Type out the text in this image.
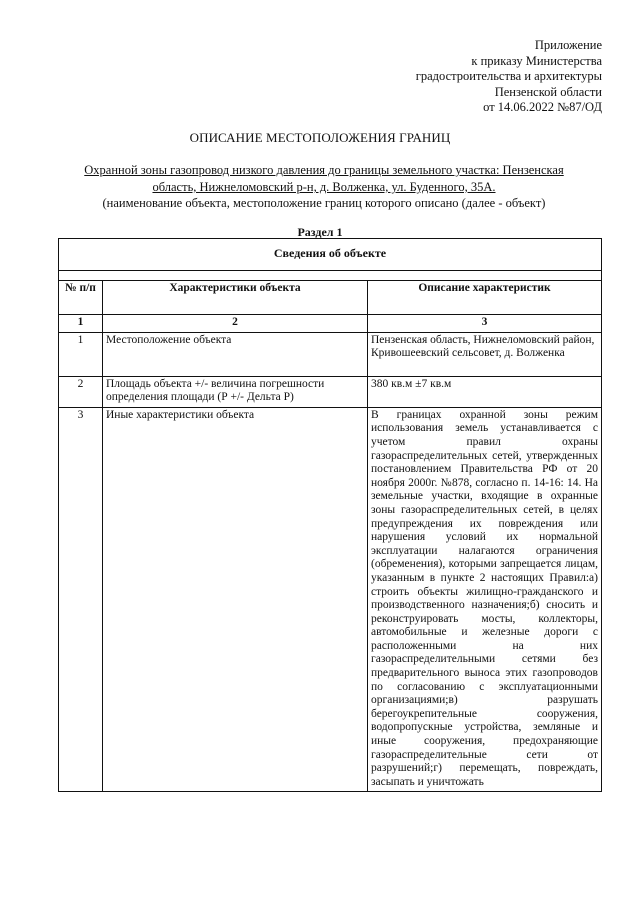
Приложение
к приказу Министерства
градостроительства и архитектуры
Пензенской области
от 14.06.2022 №87/ОД
ОПИСАНИЕ МЕСТОПОЛОЖЕНИЯ ГРАНИЦ
Охранной зоны газопровод низкого давления до границы земельного участка: Пензенская
область, Нижнеломовский р-н, д. Волженка, ул. Буденного, 35А.
(наименование объекта, местоположение границ которого описано (далее - объект)
Раздел 1
Сведения об объекте		

№ п/п	Характеристики объекта	Описание характеристик
1	2	3
1	Местоположение объекта	Пензенская область, Нижнеломовский район, Кривошеевский сельсовет, д. Волженка
2	Площадь объекта +/- величина погрешности определения площади (Р +/- Дельта Р)	380 кв.м ±7 кв.м
3	Иные характеристики объекта	В границах охранной зоны режим использования земель устанавливается с учетом правил охраны газораспределительных сетей, утвержденных постановлением Правительства РФ от 20 ноября 2000г. №878, согласно п. 14-16: 14. На земельные участки, входящие в охранные зоны газораспределительных сетей, в целях предупреждения их повреждения или нарушения условий их нормальной эксплуатации налагаются ограничения (обременения), которыми запрещается лицам, указанным в пункте 2 настоящих Правил:а) строить объекты жилищно-гражданского и производственного назначения;б) сносить и реконструировать мосты, коллекторы, автомобильные и железные дороги с расположенными на них газораспределительными сетями без предварительного выноса этих газопроводов по согласованию с эксплуатационными организациями;в) разрушать берегоукрепительные сооружения, водопропускные устройства, земляные и иные сооружения, предохраняющие газораспределительные сети от разрушений;г) перемещать, повреждать, засыпать и уничтожать
